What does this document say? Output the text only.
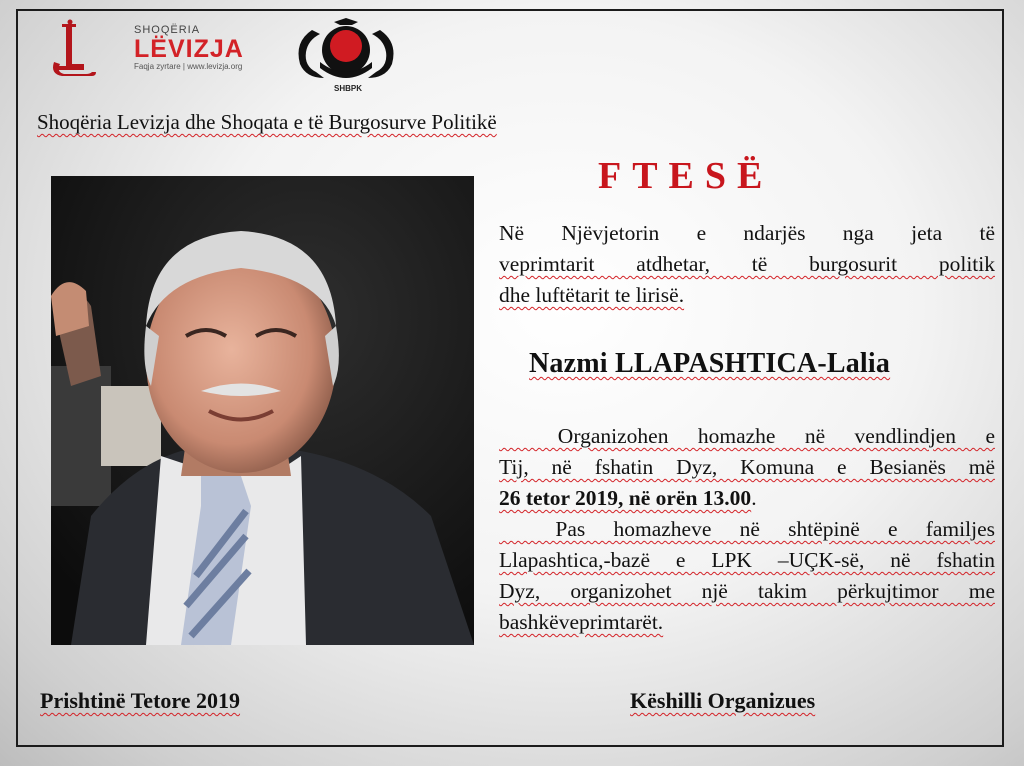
SHOQËRIA
LËVIZJA
Faqja zyrtare | www.levizja.org
SHBPK
Shoqëria Levizja dhe Shoqata e të Burgosurve Politikë
FTESË
Në Njëvjetorin e ndarjës nga jeta të
veprimtarit atdhetar, të burgosurit politik
dhe luftëtarit te lirisë.
Nazmi LLAPASHTICA-Lalia
Organizohen homazhe në vendlindjen e
Tij, në fshatin Dyz, Komuna e Besianës më
26 tetor 2019, në orën 13.00.
Pas homazheve në shtëpinë e familjes
Llapashtica,-bazë e LPK –UÇK-së, në fshatin
Dyz, organizohet një takim përkujtimor me
bashkëveprimtarët.
Prishtinë Tetore 2019	Këshilli Organizues
